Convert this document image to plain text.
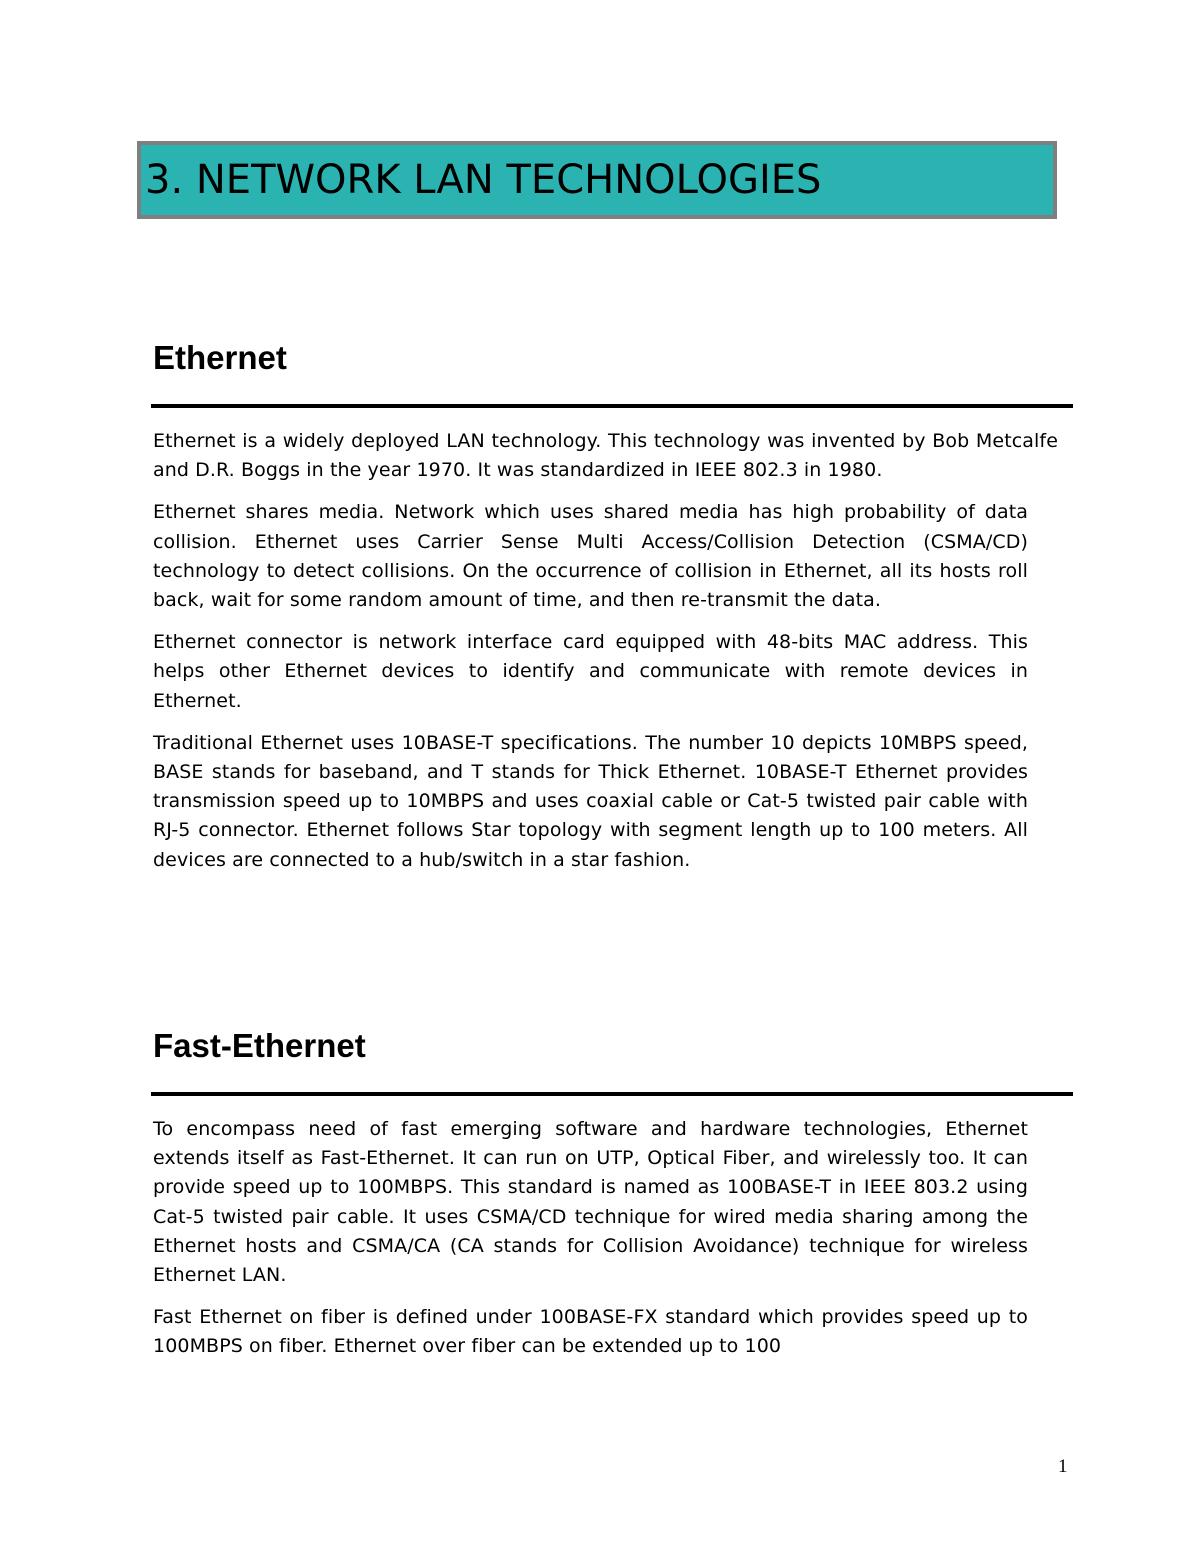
3. NETWORK LAN TECHNOLOGIES
Ethernet

Ethernet is a widely deployed LAN technology. This technology was invented by Bob Metcalfe and D.R. Boggs in the year 1970. It was standardized in IEEE 802.3 in 1980.

Ethernet shares media. Network which uses shared media has high probability of data collision. Ethernet uses Carrier Sense Multi Access/Collision Detection (CSMA/CD) technology to detect collisions. On the occurrence of collision in Ethernet, all its hosts roll back, wait for some random amount of time, and then re-transmit the data.

Ethernet connector is network interface card equipped with 48-bits MAC address. This helps other Ethernet devices to identify and communicate with remote devices in Ethernet.

Traditional Ethernet uses 10BASE-T specifications. The number 10 depicts 10MBPS speed, BASE stands for baseband, and T stands for Thick Ethernet. 10BASE-T Ethernet provides transmission speed up to 10MBPS and uses coaxial cable or Cat-5 twisted pair cable with RJ-5 connector. Ethernet follows Star topology with segment length up to 100 meters. All devices are connected to a hub/switch in a star fashion.

Fast-Ethernet

To encompass need of fast emerging software and hardware technologies, Ethernet extends itself as Fast-Ethernet. It can run on UTP, Optical Fiber, and wirelessly too. It can provide speed up to 100MBPS. This standard is named as 100BASE-T in IEEE 803.2 using Cat-5 twisted pair cable. It uses CSMA/CD technique for wired media sharing among the Ethernet hosts and CSMA/CA (CA stands for Collision Avoidance) technique for wireless Ethernet LAN.

Fast Ethernet on fiber is defined under 100BASE-FX standard which provides speed up to 100MBPS on fiber. Ethernet over fiber can be extended up to 100

1
